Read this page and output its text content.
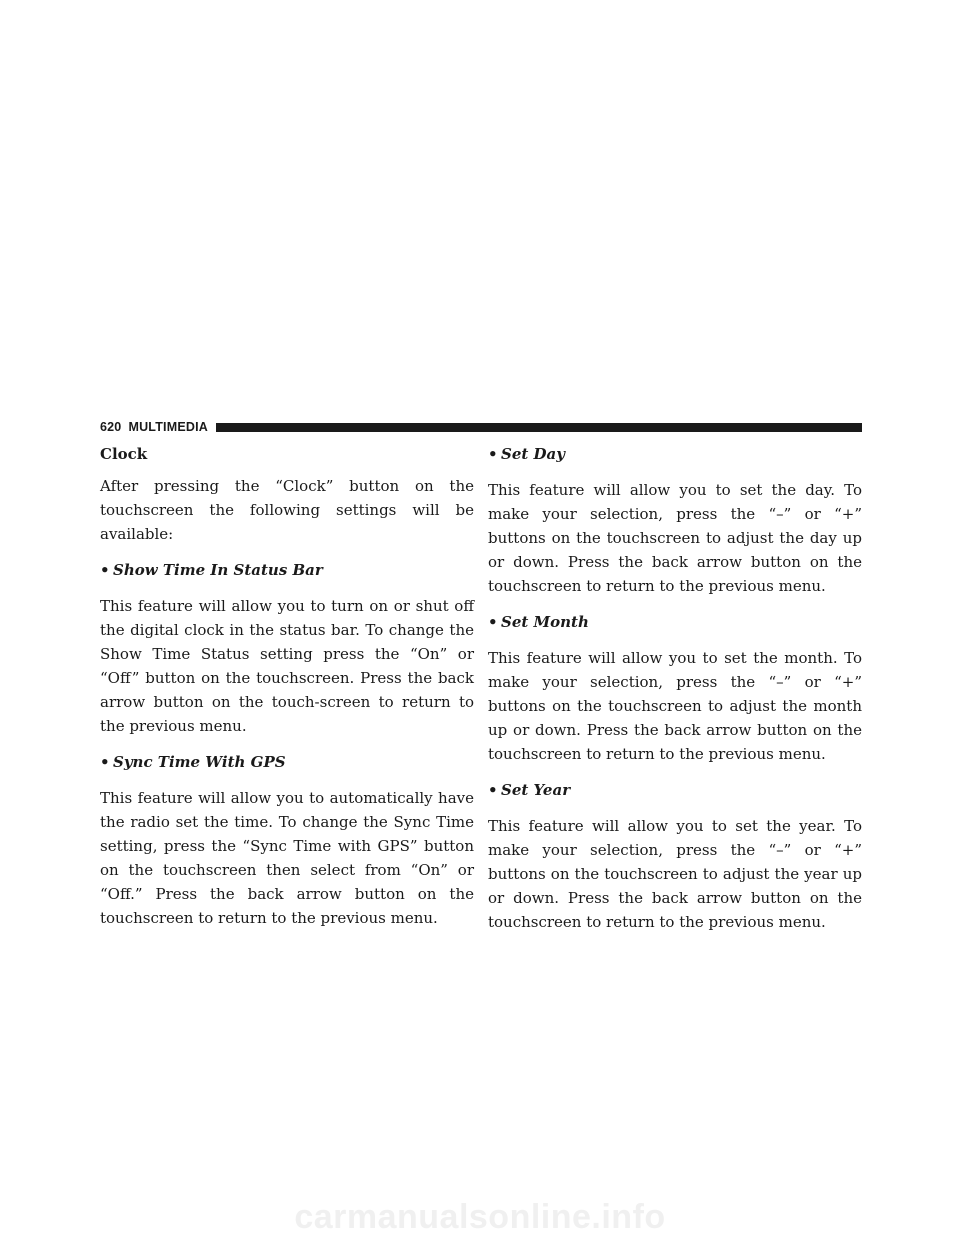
620 MULTIMEDIA

Clock

After pressing the “Clock” button on the touchscreen the following settings will be available:

• Show Time In Status Bar

This feature will allow you to turn on or shut off the digital clock in the status bar. To change the Show Time Status setting press the “On” or “Off” button on the touchscreen. Press the back arrow button on the touch-screen to return to the previous menu.

• Sync Time With GPS

This feature will allow you to automatically have the radio set the time. To change the Sync Time setting, press the “Sync Time with GPS” button on the touchscreen then select from “On” or “Off.” Press the back arrow button on the touchscreen to return to the previous menu.

• Set Day

This feature will allow you to set the day. To make your selection, press the “–” or “+” buttons on the touchscreen to adjust the day up or down. Press the back arrow button on the touchscreen to return to the previous menu.

• Set Month

This feature will allow you to set the month. To make your selection, press the “–” or “+” buttons on the touchscreen to adjust the month up or down. Press the back arrow button on the touchscreen to return to the previous menu.

• Set Year

This feature will allow you to set the year. To make your selection, press the “–” or “+” buttons on the touchscreen to adjust the year up or down. Press the back arrow button on the touchscreen to return to the previous menu.

carmanualsonline.info
